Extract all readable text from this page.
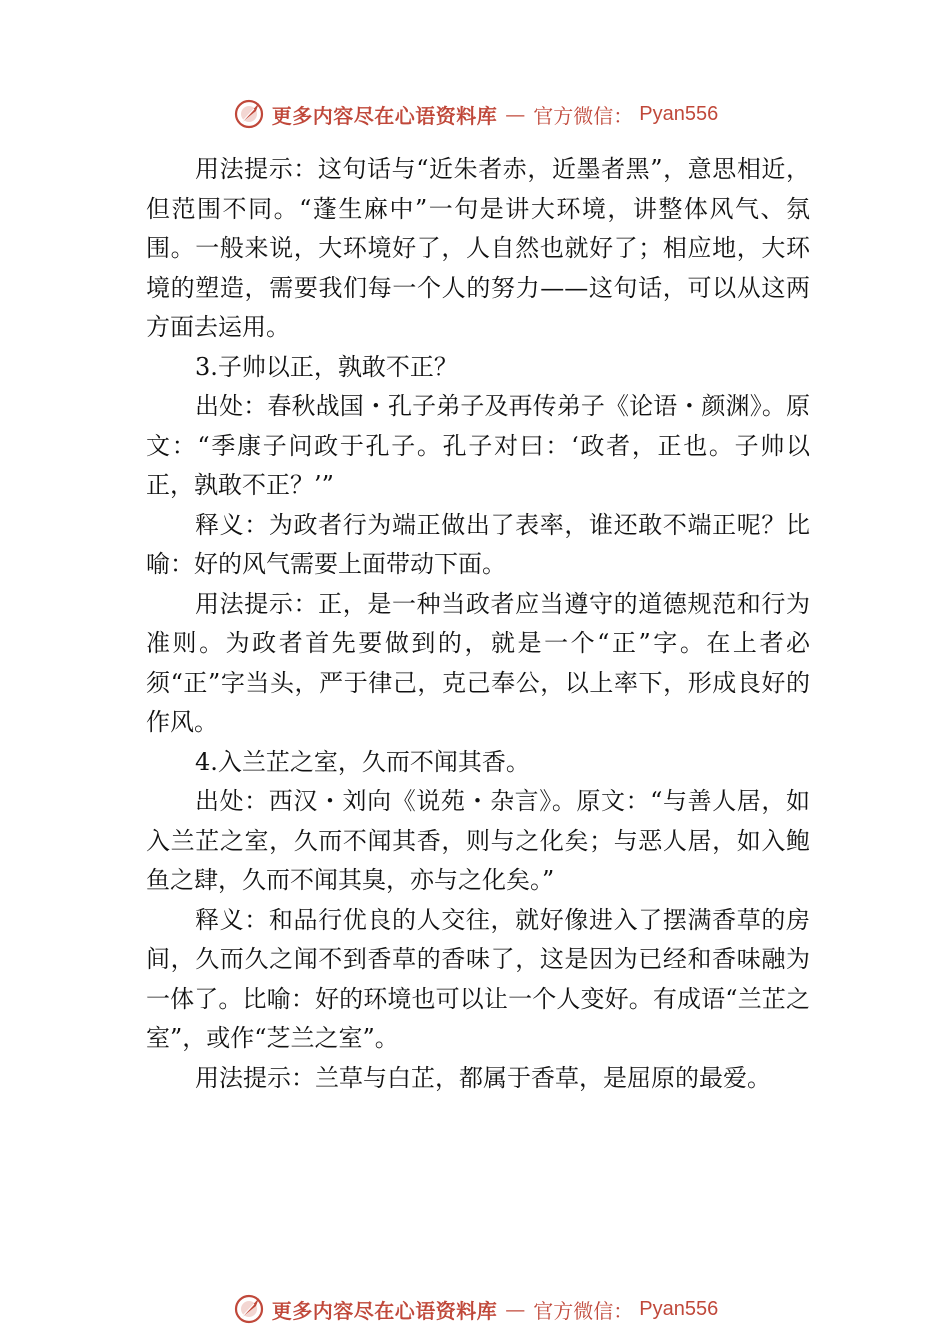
更多内容尽在心语资料库 — 官方微信： Pyan556

用法提示：这句话与“近朱者赤，近墨者黑”，意思相近，但范围不同。“蓬生麻中”一句是讲大环境，讲整体风气、氛围。一般来说，大环境好了，人自然也就好了；相应地，大环境的塑造，需要我们每一个人的努力——这句话，可以从这两方面去运用。

3.子帅以正，孰敢不正？

出处：春秋战国・孔子弟子及再传弟子《论语・颜渊》。原文：“季康子问政于孔子。孔子对曰：‘政者，正也。子帅以正，孰敢不正？’”

释义：为政者行为端正做出了表率，谁还敢不端正呢？比喻：好的风气需要上面带动下面。

用法提示：正，是一种当政者应当遵守的道德规范和行为准则。为政者首先要做到的，就是一个“正”字。在上者必须“正”字当头，严于律己，克己奉公，以上率下，形成良好的作风。

4.入兰芷之室，久而不闻其香。

出处：西汉・刘向《说苑・杂言》。原文：“与善人居，如入兰芷之室，久而不闻其香，则与之化矣；与恶人居，如入鲍鱼之肆，久而不闻其臭，亦与之化矣。”

释义：和品行优良的人交往，就好像进入了摆满香草的房间，久而久之闻不到香草的香味了，这是因为已经和香味融为一体了。比喻：好的环境也可以让一个人变好。有成语“兰芷之室”，或作“芝兰之室”。

用法提示：兰草与白芷，都属于香草，是屈原的最爱。

更多内容尽在心语资料库 — 官方微信： Pyan556
